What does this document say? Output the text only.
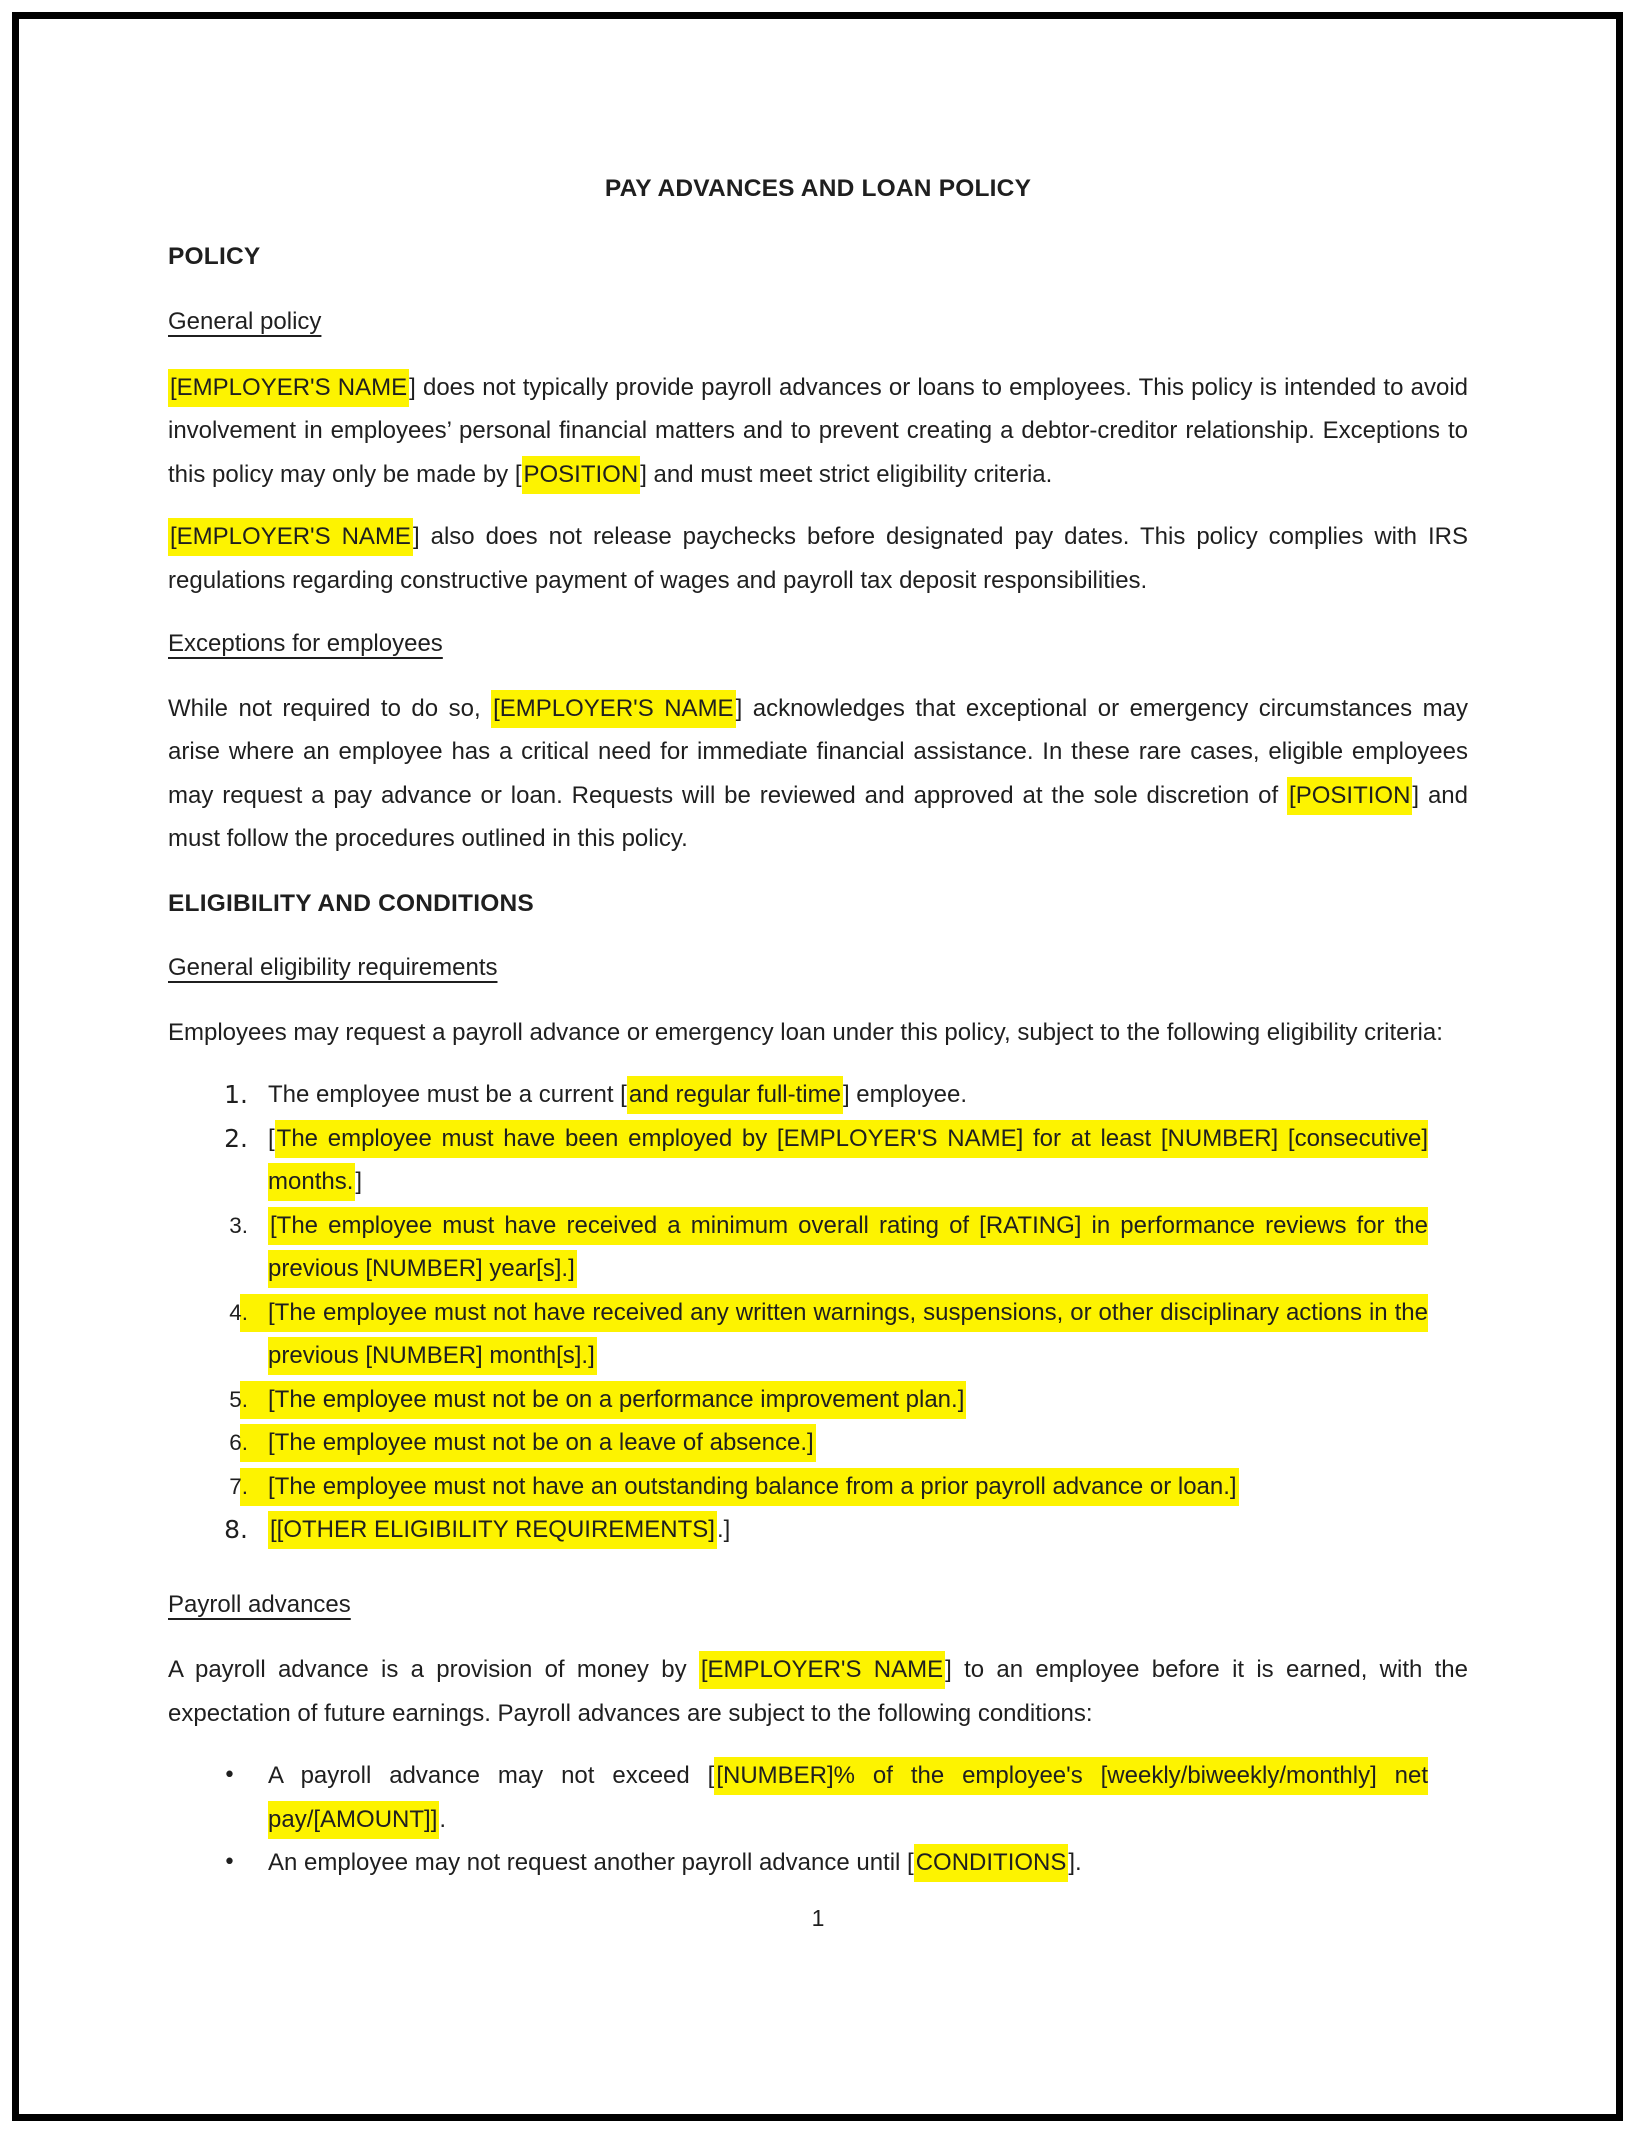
PAY ADVANCES AND LOAN POLICY
POLICY
General policy

[EMPLOYER'S NAME] does not typically provide payroll advances or loans to employees. This policy is intended to avoid involvement in employees’ personal financial matters and to prevent creating a debtor-creditor relationship. Exceptions to this policy may only be made by [POSITION] and must meet strict eligibility criteria.

[EMPLOYER'S NAME] also does not release paychecks before designated pay dates. This policy complies with IRS regulations regarding constructive payment of wages and payroll tax deposit responsibilities.

Exceptions for employees

While not required to do so, [EMPLOYER'S NAME] acknowledges that exceptional or emergency circumstances may arise where an employee has a critical need for immediate financial assistance. In these rare cases, eligible employees may request a pay advance or loan. Requests will be reviewed and approved at the sole discretion of [POSITION] and must follow the procedures outlined in this policy.

ELIGIBILITY AND CONDITIONS
General eligibility requirements

Employees may request a payroll advance or emergency loan under this policy, subject to the following eligibility criteria:

1. The employee must be a current [and regular full-time] employee.
2. [The employee must have been employed by [EMPLOYER'S NAME] for at least [NUMBER] [consecutive] months.]
3. [The employee must have received a minimum overall rating of [RATING] in performance reviews for the previous [NUMBER] year[s].]
4. [The employee must not have received any written warnings, suspensions, or other disciplinary actions in the previous [NUMBER] month[s].]
5. [The employee must not be on a performance improvement plan.]
6. [The employee must not be on a leave of absence.]
7. [The employee must not have an outstanding balance from a prior payroll advance or loan.]
8. [[OTHER ELIGIBILITY REQUIREMENTS].]
Payroll advances

A payroll advance is a provision of money by [EMPLOYER'S NAME] to an employee before it is earned, with the expectation of future earnings. Payroll advances are subject to the following conditions:

• A payroll advance may not exceed [[NUMBER]% of the employee's [weekly/biweekly/monthly] net pay/[AMOUNT]].
• An employee may not request another payroll advance until [CONDITIONS].
1
